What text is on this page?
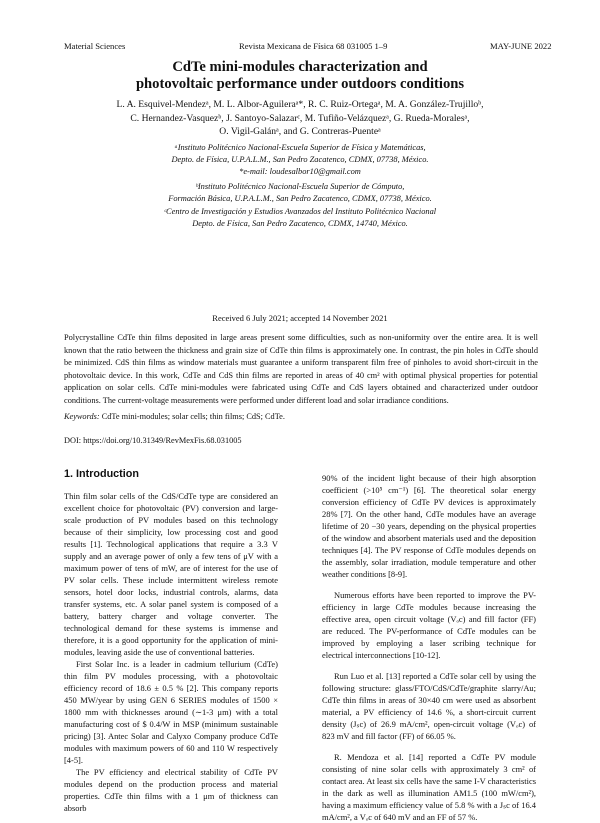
Material Sciences	Revista Mexicana de Física 68 031005 1–9	MAY-JUNE 2022
CdTe mini-modules characterization and
photovoltaic performance under outdoors conditions
L. A. Esquivel-Mendezᵃ, M. L. Albor-Aguileraᵃ*, R. C. Ruiz-Ortegaᵃ, M. A. González-Trujilloᵇ,
C. Hernandez-Vasquezᵇ, J. Santoyo-Salazarᶜ, M. Tufiño-Velázquezᵃ, G. Rueda-Moralesᵃ,
O. Vigil-Galánᵃ, and G. Contreras-Puenteᵃ
ᵃInstituto Politécnico Nacional-Escuela Superior de Física y Matemáticas,
Depto. de Física, U.P.A.L.M., San Pedro Zacatenco, CDMX, 07738, México.
*e-mail: loudesalbor10@gmail.com
ᵇInstituto Politécnico Nacional-Escuela Superior de Cómputo,
Formación Básica, U.P.A.L.M., San Pedro Zacatenco, CDMX, 07738, México.
ᶜCentro de Investigación y Estudios Avanzados del Instituto Politécnico Nacional
Depto. de Física, San Pedro Zacatenco, CDMX, 14740, México.
Received 6 July 2021; accepted 14 November 2021
Polycrystalline CdTe thin films deposited in large areas present some difficulties, such as non-uniformity over the entire area. It is well known that the ratio between the thickness and grain size of CdTe thin films is approximately one. In contrast, the pin holes in CdTe should be minimized. CdS thin films as window materials must guarantee a uniform transparent film free of pinholes to avoid short-circuit in the photovoltaic device. In this work, CdTe and CdS thin films are reported in areas of 40 cm² with optimal physical properties for potential application on solar cells. CdTe mini-modules were fabricated using CdTe and CdS layers obtained and characterized under outdoor conditions. The current-voltage measurements were performed under different load and solar irradiance conditions.
Keywords: CdTe mini-modules; solar cells; thin films; CdS; CdTe.
DOI: https://doi.org/10.31349/RevMexFis.68.031005
1. Introduction

Thin film solar cells of the CdS/CdTe type are considered an excellent choice for photovoltaic (PV) conversion and large-scale production of PV modules based on this technology because of their simplicity, low processing cost and good results [1]. Technological applications that require a 3.3 V supply and an average power of only a few tens of μV with a maximum power of tens of mW, are of interest for the use of PV solar cells. These include intermittent wireless remote sensors, hotel door locks, industrial controls, alarms, data transfer systems, etc. A solar panel system is composed of a battery, battery charger and voltage converter. The technological demand for these systems is immense and therefore, it is a good opportunity for the application of mini-modules, leaving aside the use of conventional batteries.

First Solar Inc. is a leader in cadmium tellurium (CdTe) thin film PV modules processing, with a photovoltaic efficiency record of 18.6 ± 0.5 % [2]. This company reports 450 MW/year by using GEN 6 SERIES modules of 1500 × 1800 mm with thicknesses around (∼1-3 μm) with a total manufacturing cost of $ 0.4/W in MSP (minimum sustainable pricing) [3]. Antec Solar and Calyxo Company produce CdTe modules with maximum powers of 60 and 110 W respectively [4-5].

The PV efficiency and electrical stability of CdTe PV modules depend on the production process and material properties. CdTe thin films with a 1 μm of thickness can absorb

90% of the incident light because of their high absorption coefficient (>10⁵ cm⁻¹) [6]. The theoretical solar energy conversion efficiency of CdTe PV devices is approximately 28% [7]. On the other hand, CdTe modules have an average lifetime of 20 −30 years, depending on the physical properties of the window and absorbent materials used and the deposition techniques [4]. The PV response of CdTe modules depends on the assembly, solar irradiation, module temperature and other weather conditions [8-9].

Numerous efforts have been reported to improve the PV-efficiency in large CdTe modules because increasing the effective area, open circuit voltage (Vₒc) and fill factor (FF) are reduced. The PV-performance of CdTe modules can be improved by employing a laser scribing technique for electrical interconnections [10-12].

Run Luo et al. [13] reported a CdTe solar cell by using the following structure: glass/FTO/CdS/CdTe/graphite slarry/Au; CdTe thin films in areas of 30×40 cm were used as absorbent material, a PV efficiency of 14.6 %, a short-circuit current density (Jₛc) of 26.9 mA/cm², open-circuit voltage (Vₒc) of 823 mV and fill factor (FF) of 66.05 %.

R. Mendoza et al. [14] reported a CdTe PV module consisting of nine solar cells with approximately 3 cm² of contact area. At least six cells have the same I-V characteristics in the dark as well as illumination AM1.5 (100 mW/cm²), having a maximum efficiency value of 5.8 % with a Jₛc of 16.4 mA/cm², a Vₒc of 640 mV and an FF of 57 %.
